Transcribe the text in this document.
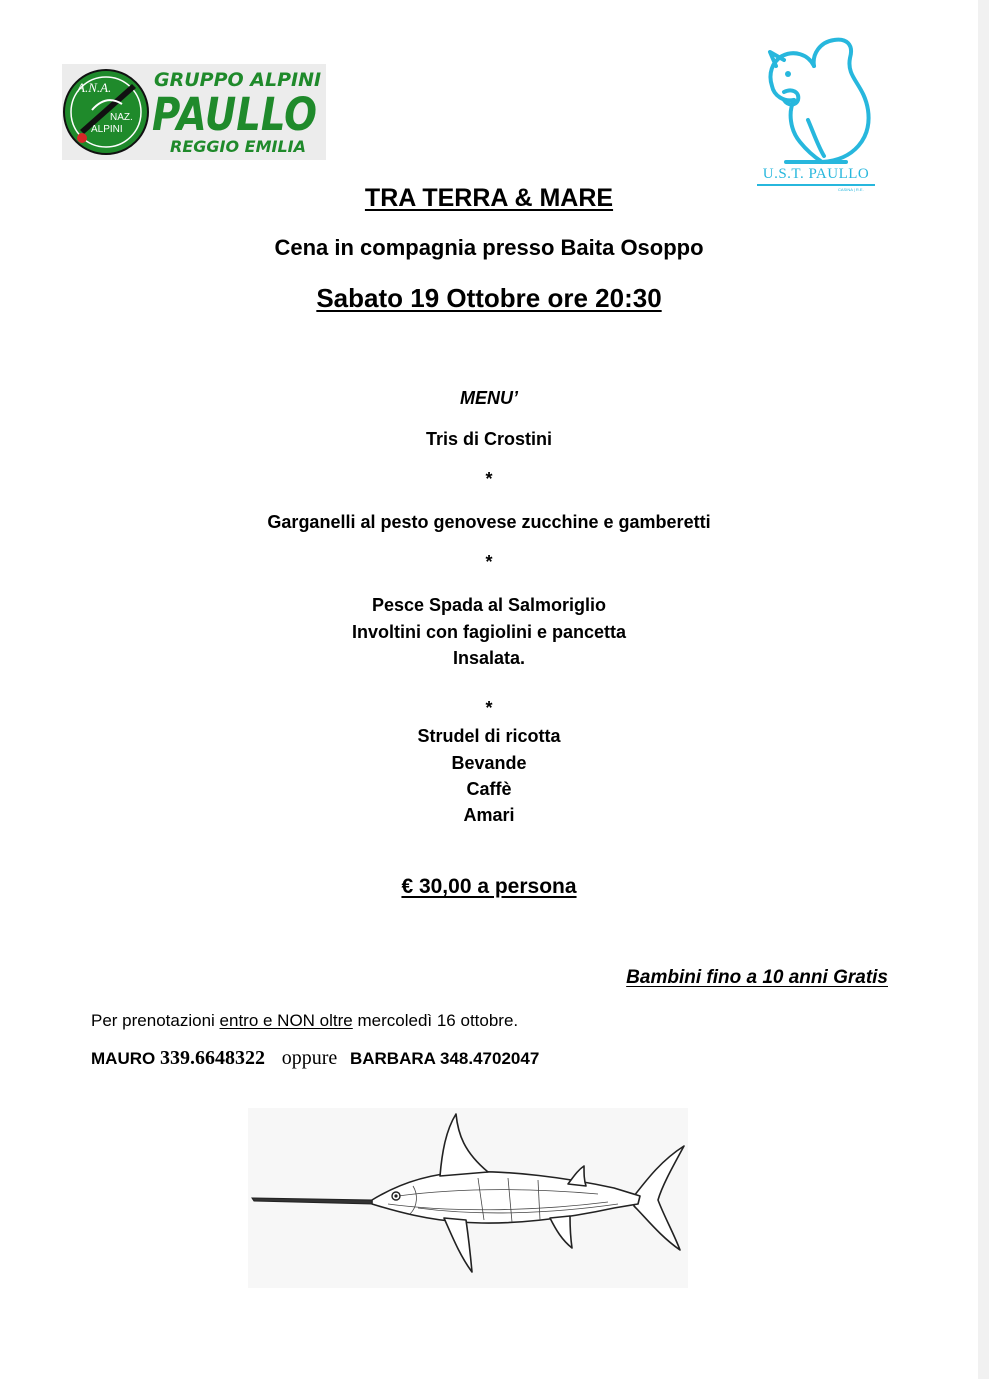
A.N.A.
NAZ.
ALPINI
GRUPPO ALPINI
PAULLO
REGGIO EMILIA
U.S.T. PAULLO
CASINA | R.E.
TRA TERRA & MARE
Cena in compagnia presso Baita Osoppo
Sabato 19 Ottobre ore 20:30
MENU’
Tris di Crostini
*
Garganelli al pesto genovese zucchine e gamberetti
*
Pesce Spada al Salmoriglio
Involtini con fagiolini e pancetta
Insalata.
*
Strudel di ricotta
Bevande
Caffè
Amari
€ 30,00 a persona
Bambini fino a 10 anni Gratis
Per prenotazioni entro e NON oltre mercoledì 16 ottobre.
MAURO 339.6648322 oppure BARBARA 348.4702047
